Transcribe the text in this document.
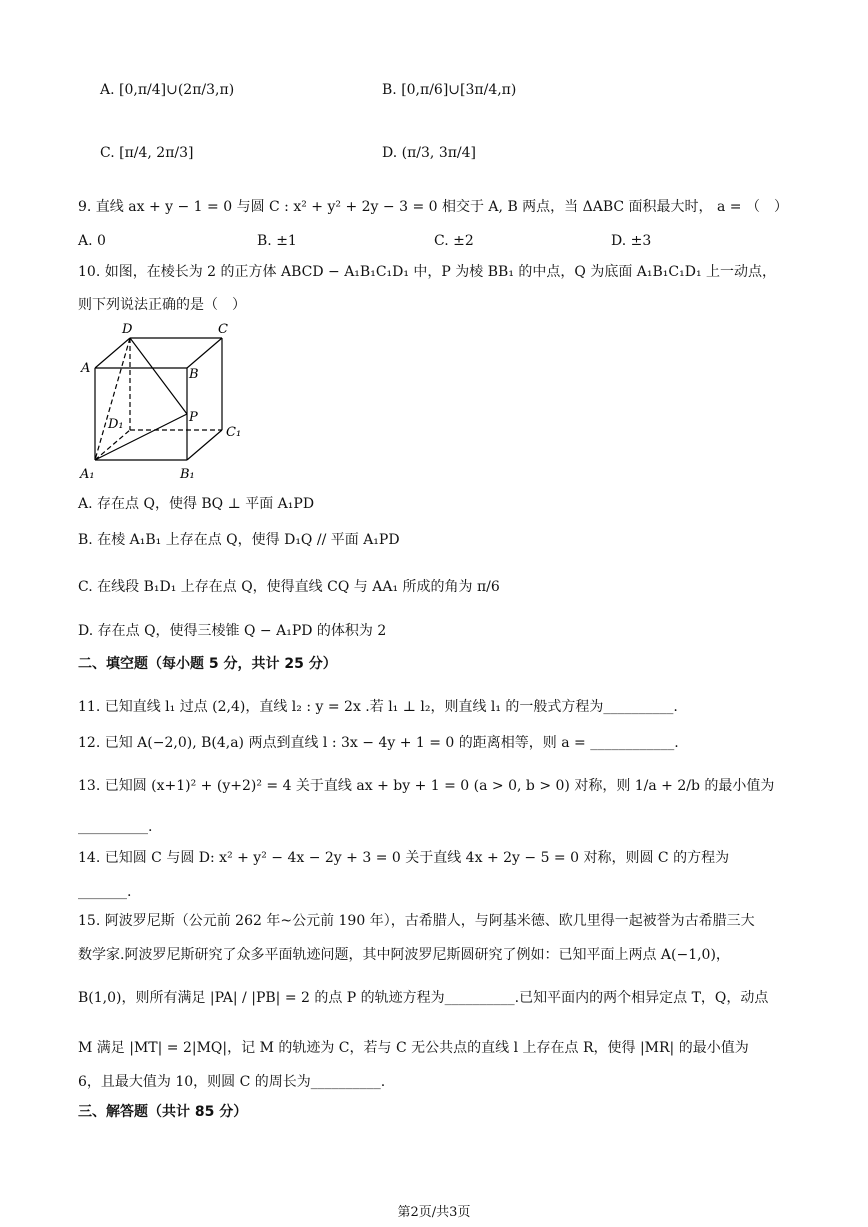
A. [0,π/4]∪(2π/3,π)	B. [0,π/6]∪[3π/4,π)
C. [π/4, 2π/3]	D. (π/3, 3π/4]
9. 直线 ax + y − 1 = 0 与圆 C : x² + y² + 2y − 3 = 0 相交于 A, B 两点，当 ΔABC 面积最大时， a = （　）
A. 0	B. ±1	C. ±2	D. ±3
10. 如图，在棱长为 2 的正方体 ABCD − A₁B₁C₁D₁ 中，P 为棱 BB₁ 的中点，Q 为底面 A₁B₁C₁D₁ 上一动点，
则下列说法正确的是（　）
D	C
A	B
P
D₁
C₁
A₁	B₁
A. 存在点 Q，使得 BQ ⊥ 平面 A₁PD
B. 在棱 A₁B₁ 上存在点 Q，使得 D₁Q // 平面 A₁PD
C. 在线段 B₁D₁ 上存在点 Q，使得直线 CQ 与 AA₁ 所成的角为 π/6
D. 存在点 Q，使得三棱锥 Q − A₁PD 的体积为 2
二、填空题（每小题 5 分，共计 25 分）
11. 已知直线 l₁ 过点 (2,4)，直线 l₂ : y = 2x .若 l₁ ⊥ l₂，则直线 l₁ 的一般式方程为__________.
12. 已知 A(−2,0), B(4,a) 两点到直线 l : 3x − 4y + 1 = 0 的距离相等，则 a = ____________.
13. 已知圆 (x+1)² + (y+2)² = 4 关于直线 ax + by + 1 = 0 (a > 0, b > 0) 对称，则 1/a + 2/b 的最小值为
__________.
14. 已知圆 C 与圆 D: x² + y² − 4x − 2y + 3 = 0 关于直线 4x + 2y − 5 = 0 对称，则圆 C 的方程为
_______.
15. 阿波罗尼斯（公元前 262 年~公元前 190 年），古希腊人，与阿基米德、欧几里得一起被誉为古希腊三大
数学家.阿波罗尼斯研究了众多平面轨迹问题，其中阿波罗尼斯圆研究了例如：已知平面上两点 A(−1,0)，
B(1,0)，则所有满足 |PA| / |PB| = 2 的点 P 的轨迹方程为__________.已知平面内的两个相异定点 T，Q，动点
M 满足 |MT| = 2|MQ|，记 M 的轨迹为 C，若与 C 无公共点的直线 l 上存在点 R，使得 |MR| 的最小值为
6，且最大值为 10，则圆 C 的周长为__________.
三、解答题（共计 85 分）
第2页/共3页
